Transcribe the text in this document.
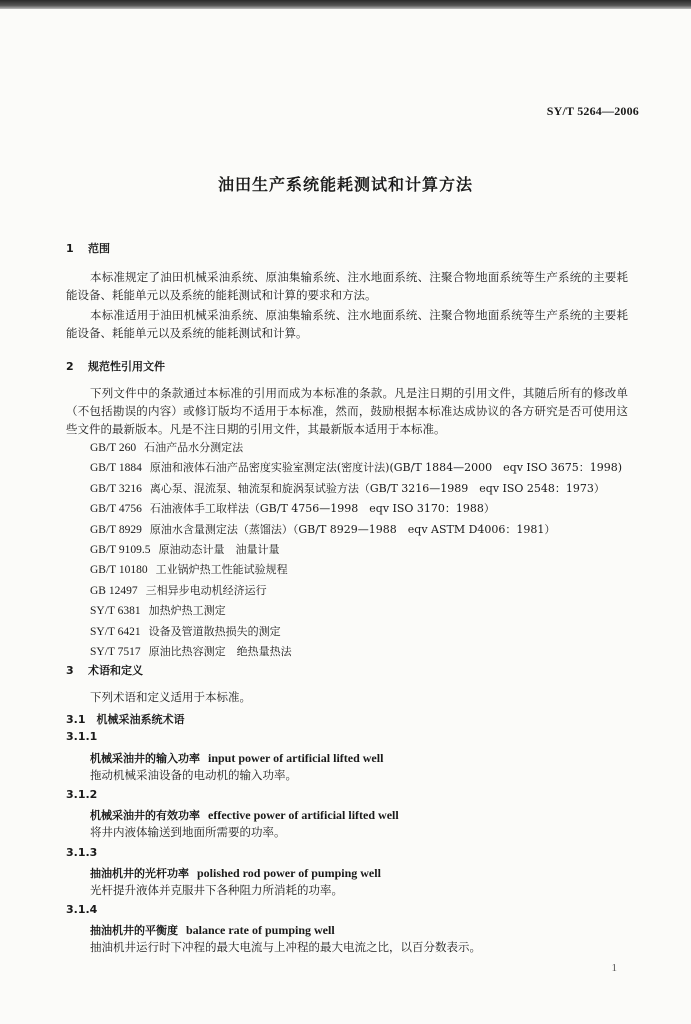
SY/T 5264—2006
油田生产系统能耗测试和计算方法
1 范围

本标准规定了油田机械采油系统、原油集输系统、注水地面系统、注聚合物地面系统等生产系统的主要耗能设备、耗能单元以及系统的能耗测试和计算的要求和方法。

本标准适用于油田机械采油系统、原油集输系统、注水地面系统、注聚合物地面系统等生产系统的主要耗能设备、耗能单元以及系统的能耗测试和计算。

2 规范性引用文件

下列文件中的条款通过本标准的引用而成为本标准的条款。凡是注日期的引用文件，其随后所有的修改单（不包括勘误的内容）或修订版均不适用于本标准，然而，鼓励根据本标准达成协议的各方研究是否可使用这些文件的最新版本。凡是不注日期的引用文件，其最新版本适用于本标准。

GB/T 260 石油产品水分测定法
GB/T 1884 原油和液体石油产品密度实验室测定法(密度计法)(GB/T 1884—2000　eqv ISO 3675：1998)
GB/T 3216 离心泵、混流泵、轴流泵和旋涡泵试验方法（GB/T 3216—1989　eqv ISO 2548：1973）
GB/T 4756 石油液体手工取样法（GB/T 4756—1998　eqv ISO 3170：1988）
GB/T 8929 原油水含量测定法（蒸馏法）（GB/T 8929—1988　eqv ASTM D4006：1981）
GB/T 9109.5 原油动态计量　油量计量
GB/T 10180 工业锅炉热工性能试验规程
GB 12497 三相异步电动机经济运行
SY/T 6381 加热炉热工测定
SY/T 6421 设备及管道散热损失的测定
SY/T 7517 原油比热容测定　绝热量热法
3 术语和定义
下列术语和定义适用于本标准。
3.1　 机械采油系统术语
3.1.1
机械采油井的输入功率 input power of artificial lifted well
拖动机械采油设备的电动机的输入功率。
3.1.2
机械采油井的有效功率 effective power of artificial lifted well
将井内液体输送到地面所需要的功率。
3.1.3
抽油机井的光杆功率 polished rod power of pumping well
光杆提升液体并克服井下各种阻力所消耗的功率。
3.1.4
抽油机井的平衡度 balance rate of pumping well
抽油机井运行时下冲程的最大电流与上冲程的最大电流之比，以百分数表示。
1
